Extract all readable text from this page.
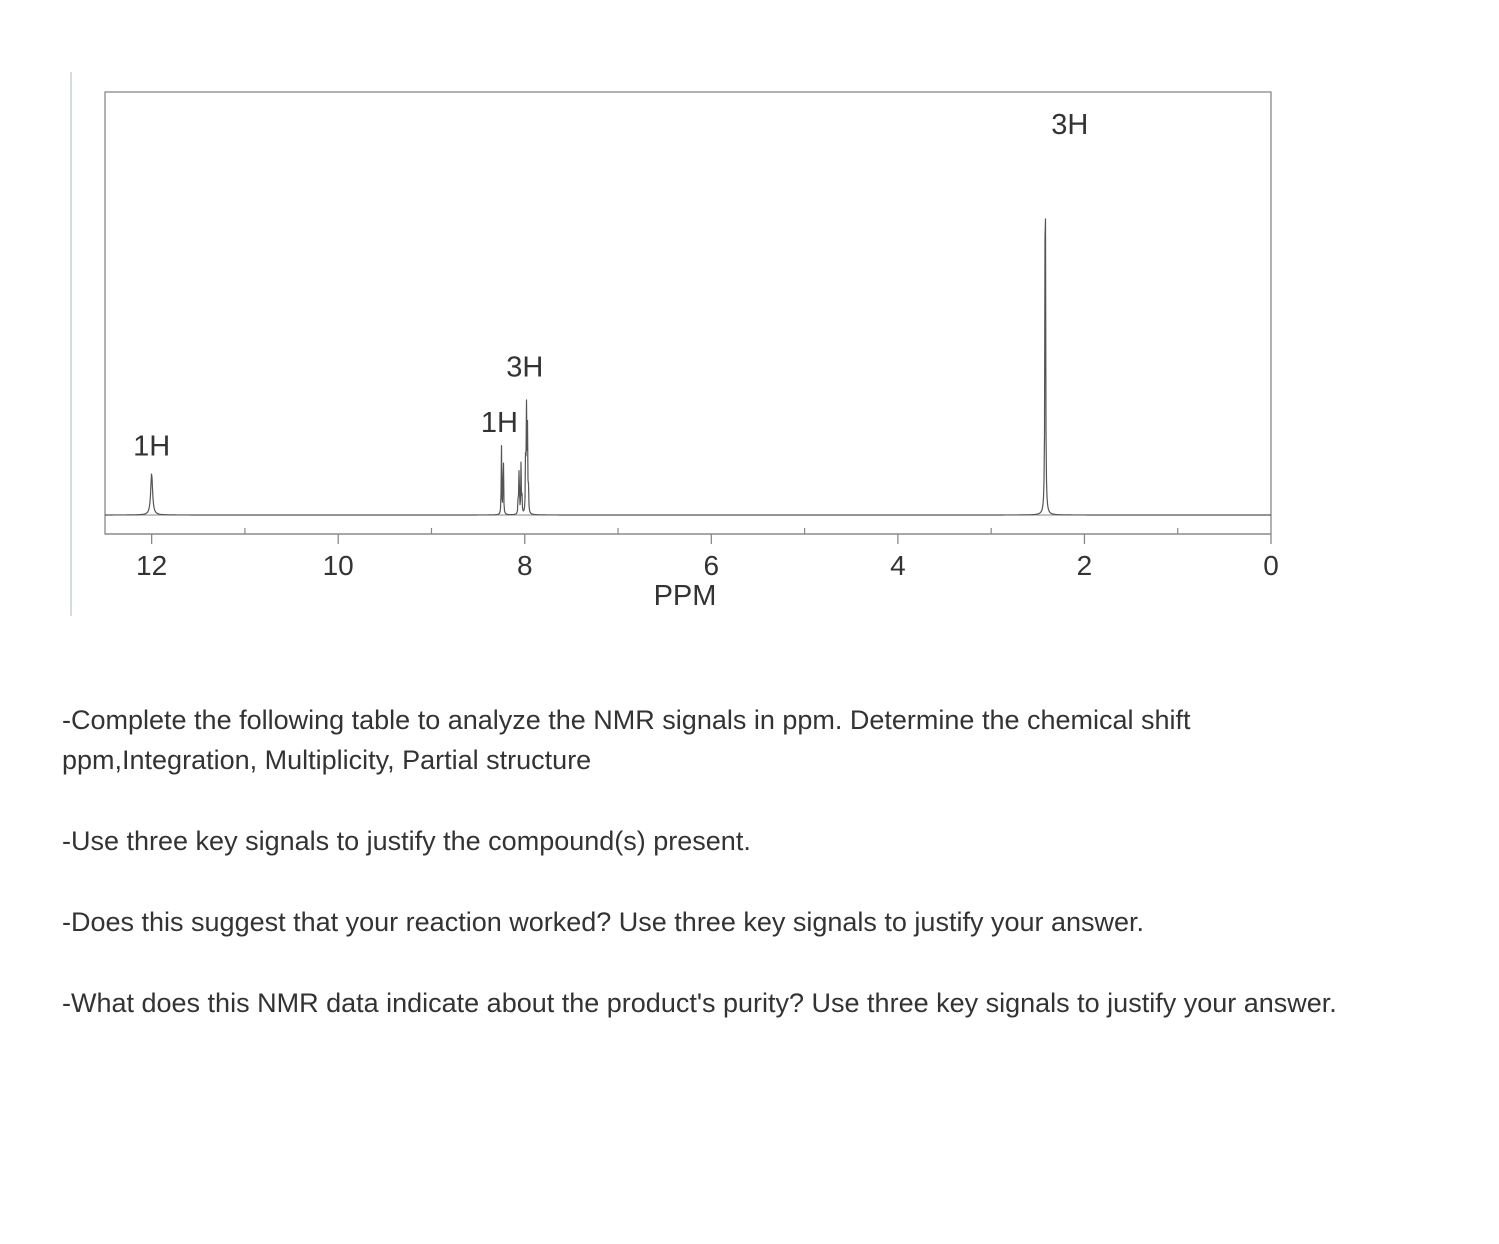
12	10	8	6	4	2	0
1H
1H
3H
3H
PPM

-Complete the following table to analyze the NMR signals in ppm. Determine the chemical shift ppm,Integration, Multiplicity, Partial structure

-Use three key signals to justify the compound(s) present.

-Does this suggest that your reaction worked? Use three key signals to justify your answer.

-What does this NMR data indicate about the product's purity? Use three key signals to justify your answer.
